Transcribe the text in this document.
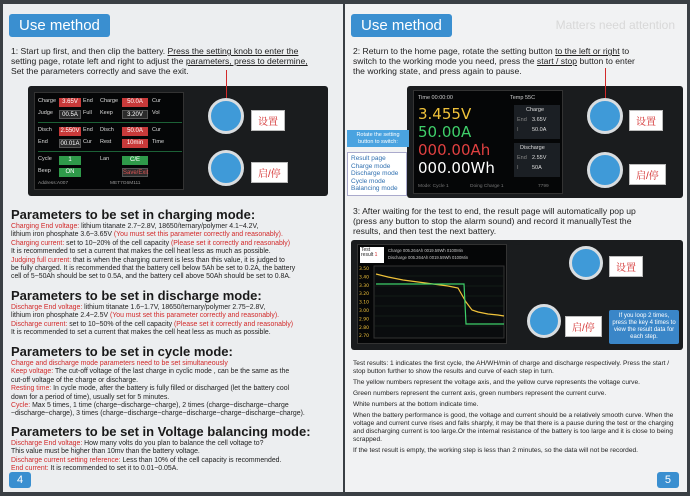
Use method
1: Start up first, and then clip the battery. Press the setting knob to enter the
setting page, rotate left and right to adjust the parameters, press to determine,
Set the parameters correctly and save the exit.
Charge	3.65V End Charge	50.0A	Cur
Judge	00.5A Full Keep	3.20V	Vol
Disch	2.550V End Disch	50.0A	Cur
End	00.01A Cur Rest	10min	Time
Cycle	1	Lan	C/E
Beep	ON	Save/Exit
Address:A007	MET7G6M111
设置
启/停
Parameters to be set in charging mode:
Charging End voltage: lithium titanate 2.7~2.8V, 18650/ternary/polymer 4.1~4.2V,
lithium iron phosphate 3.6~3.65V (You must set this parameter correctly and reasonably).
Charging current: set to 10~20% of the cell capacity (Please set it correctly and reasonably)
It is recommended to set a current that makes the cell heat less as much as possible.
Judging full current: that is when the charging current is less than this value, it is judged to
be fully charged. It is recommended that the battery cell below 5Ah be set to 0.2A, the battery
cell of 5~50Ah should be set to 0.5A, and the battery cell above 50Ah should be set to 0.8A.
Parameters to be set in discharge mode:
Discharge End voltage: lithium titanate 1.6~1.7V, 18650/ternary/polymer 2.75~2.8V,
lithium iron phosphate 2.4~2.5V (You must set this parameter correctly and reasonably).
Discharge current: set to 10~50% of the cell capacity (Please set it correctly and reasonably)
It is recommended to set a current that makes the cell heat less as much as possible.
Parameters to be set in cycle mode:
Charge and discharge mode parameters need to be set simultaneously
Keep voltage: The cut-off voltage of the last charge in cyclic mode , can be the same as the
cut-off voltage of the charge or discharge.
Resting time: In cycle mode, after the battery is fully filled or discharged (let the battery cool
down for a period of time), usually set for 5 minutes.
Cycle: Max 5 times, 1 time (charge~discharge~charge), 2 times (charge~discharge~charge
~discharge~charge), 3 times (charge~discharge~charge~discharge~charge~discharge~charge).
Parameters to be set in Voltage balancing mode:
Discharge End voltage: How many volts do you plan to balance the cell voltage to?
This value must be higher than 10mv than the battery voltage.
Discharge current setting reference: Less than 10% of the cell capacity is recommended.
End current: It is recommended to set it to 0.01~0.05A.
4
Use method	Matters need attention
2: Return to the home page, rotate the setting button to the left or right to
switch to the working mode you need, press the start / stop button to enter
the working state, and press again to pause.
Time 00:00:00	Temp 55C
3.455V
50.00A
000.00Ah
000.00Wh
Charge
End 3.65V
I 50.0A
Discharge
End 2.55V
I 50A
Mode: Cycle 1	Doing Charge 1	7799
设置
启/停
Rotate the setting button to switch:
Result page
Charge mode
Discharge mode
Cycle mode
Balancing mode
3: After waiting for the test to end, the result page will automatically pop up
(press any button to stop the alarm sound) and record it manuallyTest the
results, and then test the next battery.
Test
result 1
Charge 005.264Ah 0019.59Wh 0100Min
Discharge 005.264Ah 0019.59Wh 0100Min
3.50
3.40
3.30
3.20
3.10
3.00
2.90
2.80
2.70
设置
启/停
If you loop 2 times, press the key 4 times to view the result data for each step.
Test results: 1 indicates the first cycle, the AH/WH/min of charge and discharge respectively. Press the start / stop button further to show the results and curve of each step in turn.
The yellow numbers represent the voltage axis, and the yellow curve represents the voltage curve.
Green numbers represent the current axis, green numbers represent the current curve.
White numbers at the bottom indicate time.
When the battery performance is good, the voltage and current should be a relatively smooth curve. When the voltage and current curve rises and falls sharply, it may be that there is a pause during the test or the charging and discharging current is too large.Or the internal resistance of the battery is too large and it is close to being scrapped.
If the test result is empty, the working step is less than 2 minutes, so the data will not be recorded.
5
